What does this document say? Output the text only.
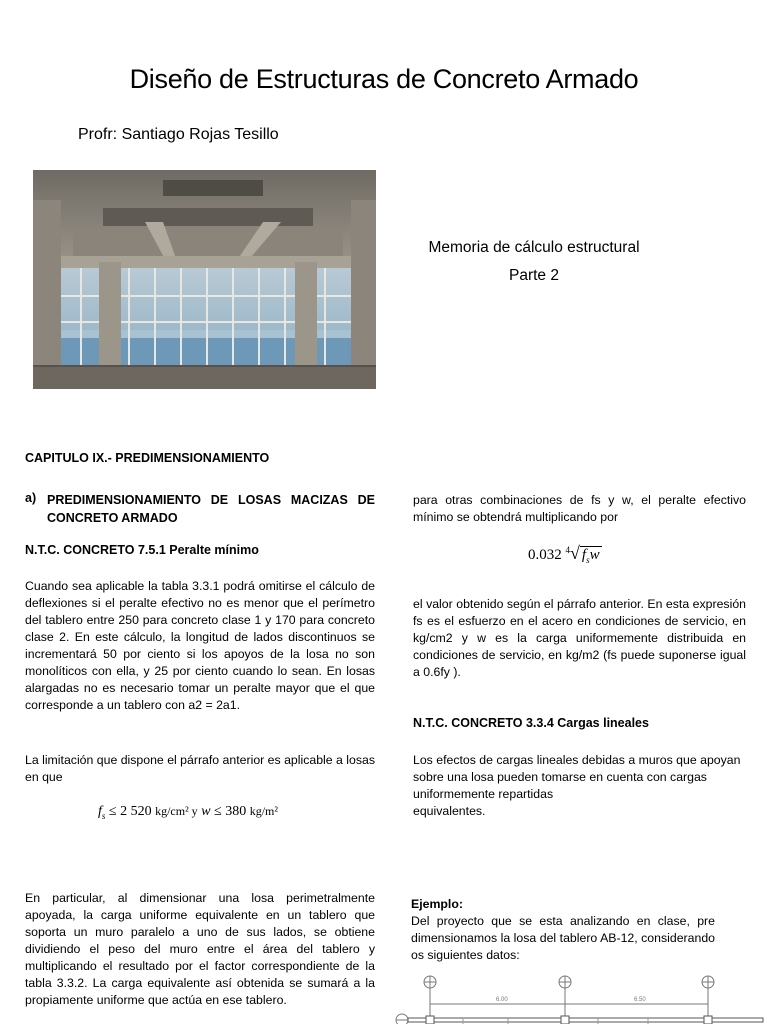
Diseño de Estructuras de Concreto Armado
Profr: Santiago Rojas Tesillo
Memoria de cálculo estructural
Parte 2
CAPITULO IX.- PREDIMENSIONAMIENTO
a) PREDIMENSIONAMIENTO DE LOSAS MACIZAS DE CONCRETO ARMADO
N.T.C. CONCRETO 7.5.1 Peralte mínimo
Cuando sea aplicable la tabla 3.3.1 podrá omitirse el cálculo de deflexiones si el peralte efectivo no es menor que el perímetro del tablero entre 250 para concreto clase 1 y 170 para concreto clase 2. En este cálculo, la longitud de lados discontinuos se incrementará 50 por ciento si los apoyos de la losa no son monolíticos con ella, y 25 por ciento cuando lo sean. En losas alargadas no es necesario tomar un peralte mayor que el que corresponde a un tablero con a2 = 2a1.
La limitación que dispone el párrafo anterior es aplicable a losas en que
$f_s \le 2$ 520 kg/cm² y w ≤ 380 kg/m²
En particular, al dimensionar una losa perimetralmente apoyada, la carga uniforme equivalente en un tablero que soporta un muro paralelo a uno de sus lados, se obtiene dividiendo el peso del muro entre el área del tablero y multiplicando el resultado por el factor correspondiente de la tabla 3.3.2. La carga equivalente así obtenida se sumará a la propiamente uniforme que actúa en ese tablero.
para otras combinaciones de fs y w, el peralte efectivo mínimo se obtendrá multiplicando por
0.032 $^4$√ $f_sw$
el valor obtenido según el párrafo anterior. En esta expresión fs es el esfuerzo en el acero en condiciones de servicio, en kg/cm2 y w es la carga uniformemente distribuida en condiciones de servicio, en kg/m2 (fs puede suponerse igual a 0.6fy ).
N.T.C. CONCRETO 3.3.4 Cargas lineales
Los efectos de cargas lineales debidas a muros que apoyan sobre una losa pueden tomarse en cuenta con cargas uniformemente repartidas
equivalentes.
Ejemplo:
Del proyecto que se esta analizando en clase, pre dimensionamos la losa del tablero AB-12, considerando os siguientes datos:
6.00	6.50
